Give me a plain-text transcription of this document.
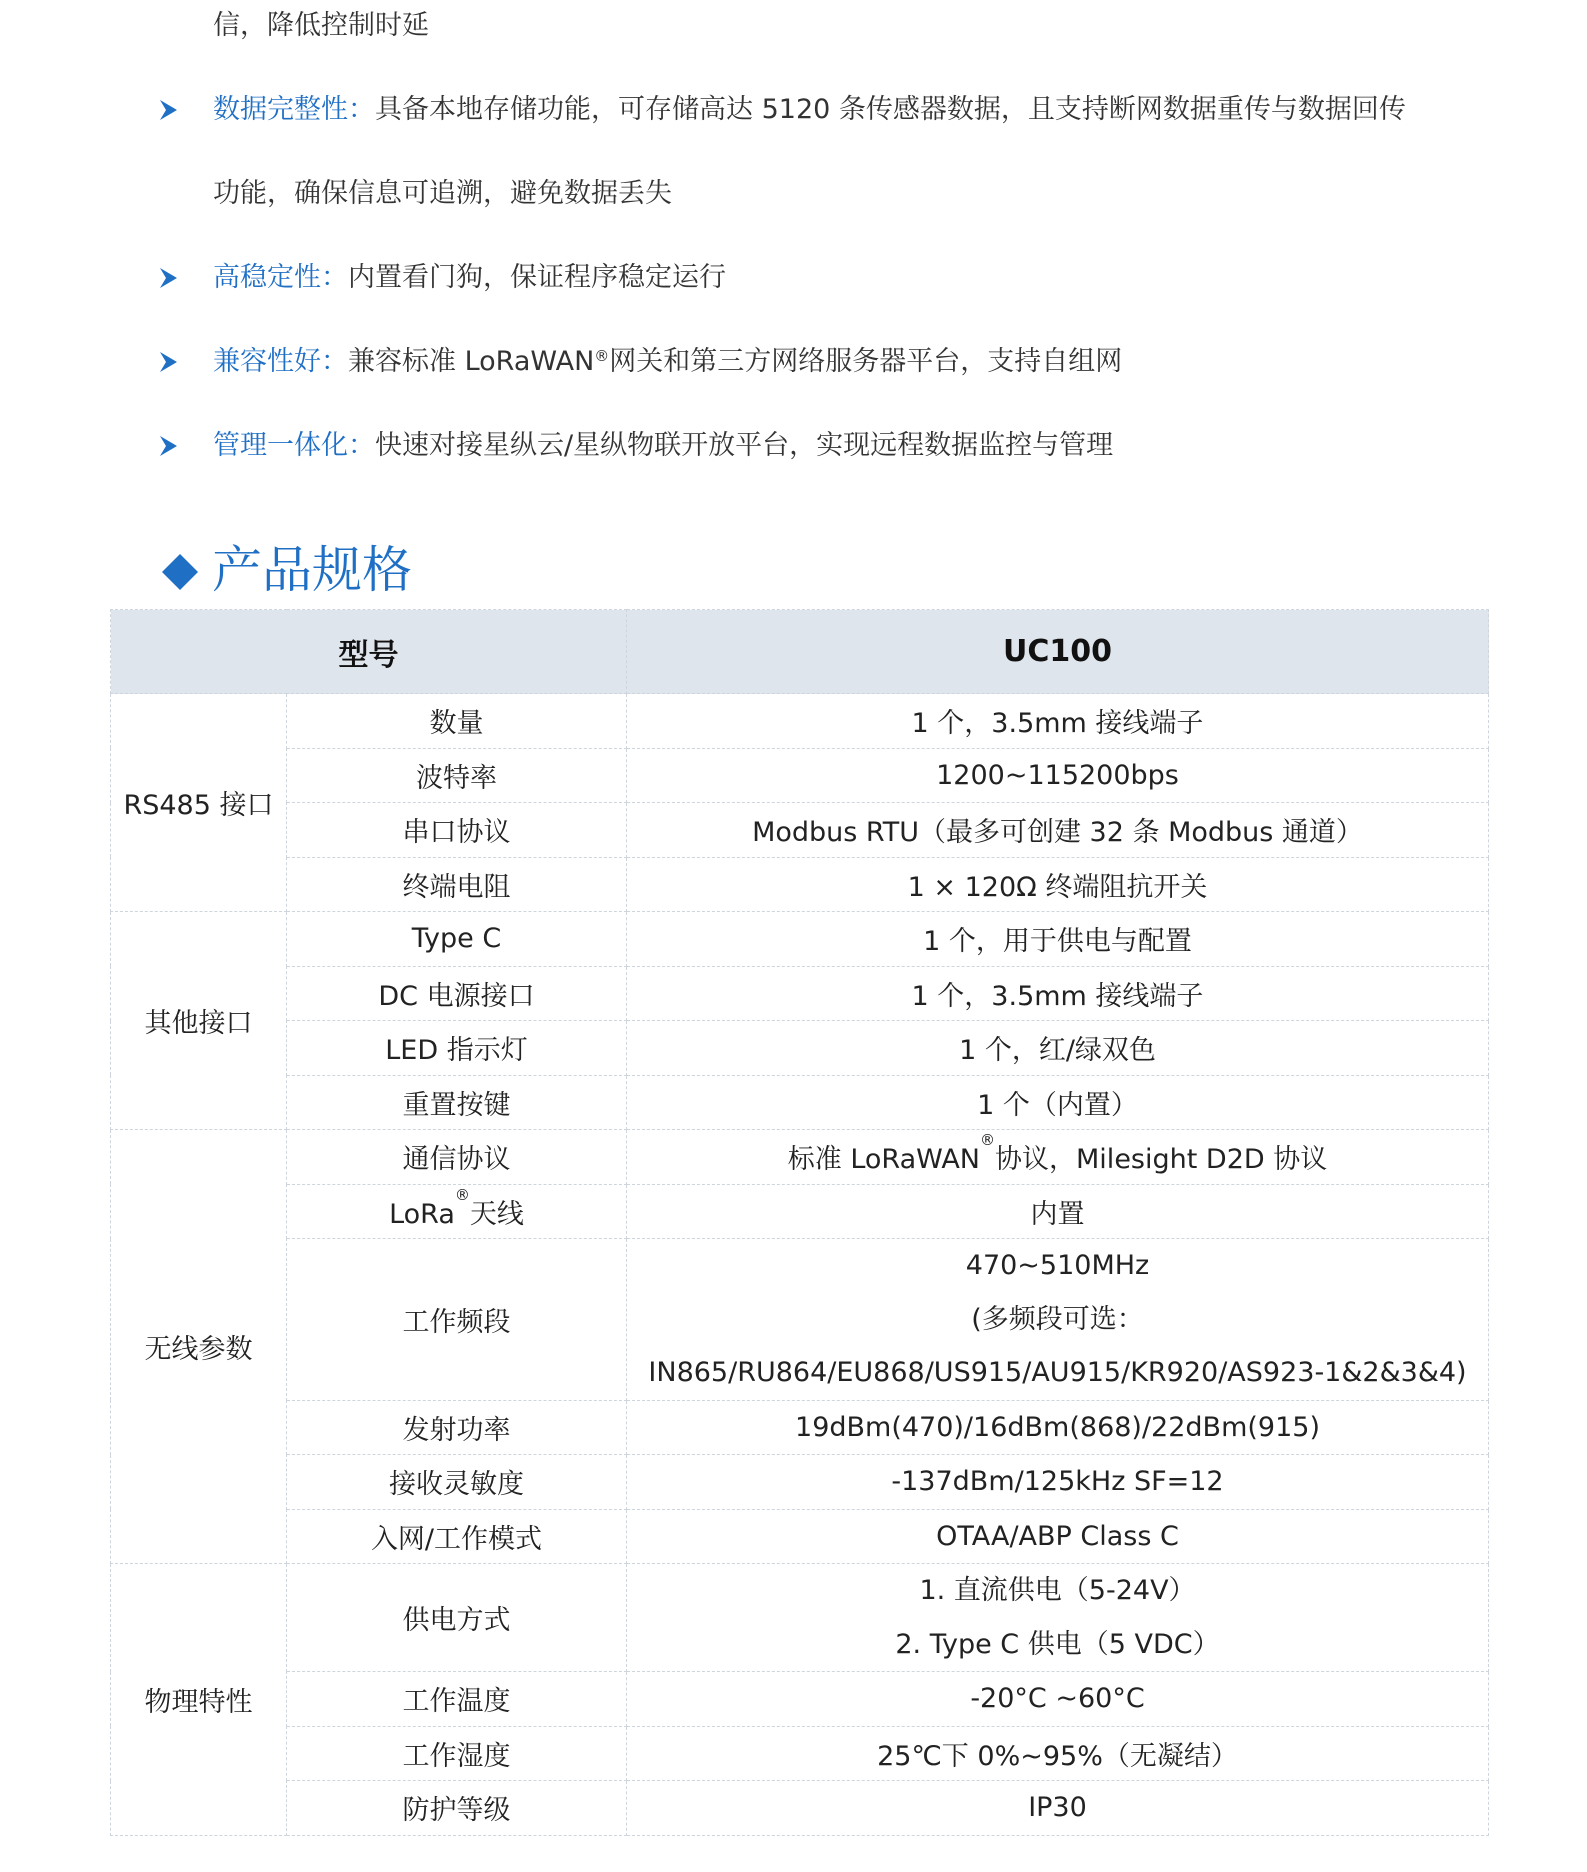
信，降低控制时延
数据完整性：具备本地存储功能，可存储高达 5120 条传感器数据，且支持断网数据重传与数据回传
功能，确保信息可追溯，避免数据丢失
高稳定性：内置看门狗，保证程序稳定运行
兼容性好：兼容标准 LoRaWAN®网关和第三方网络服务器平台，支持自组网
管理一体化：快速对接星纵云/星纵物联开放平台，实现远程数据监控与管理
产品规格
型号		UC100
RS485 接口	数量	1 个，3.5mm 接线端子
	波特率	1200~115200bps
	串口协议	Modbus RTU（最多可创建 32 条 Modbus 通道）
	终端电阻	1 × 120Ω 终端阻抗开关
其他接口	Type C	1 个，用于供电与配置
	DC 电源接口	1 个，3.5mm 接线端子
	LED 指示灯	1 个，红/绿双色
	重置按键	1 个（内置）
无线参数	通信协议	标准 LoRaWAN®协议，Milesight D2D 协议
	LoRa®天线	内置
	工作频段	470~510MHz
(多频段可选：
IN865/RU864/EU868/US915/AU915/KR920/AS923-1&2&3&4)

	发射功率	19dBm(470)/16dBm(868)/22dBm(915)
	接收灵敏度	-137dBm/125kHz SF=12
	入网/工作模式	OTAA/ABP Class C
物理特性	供电方式	1. 直流供电（5-24V）
2. Type C 供电（5 VDC）

	工作温度	-20°C ~60°C
	工作湿度	25℃下 0%~95%（无凝结）
	防护等级	IP30
